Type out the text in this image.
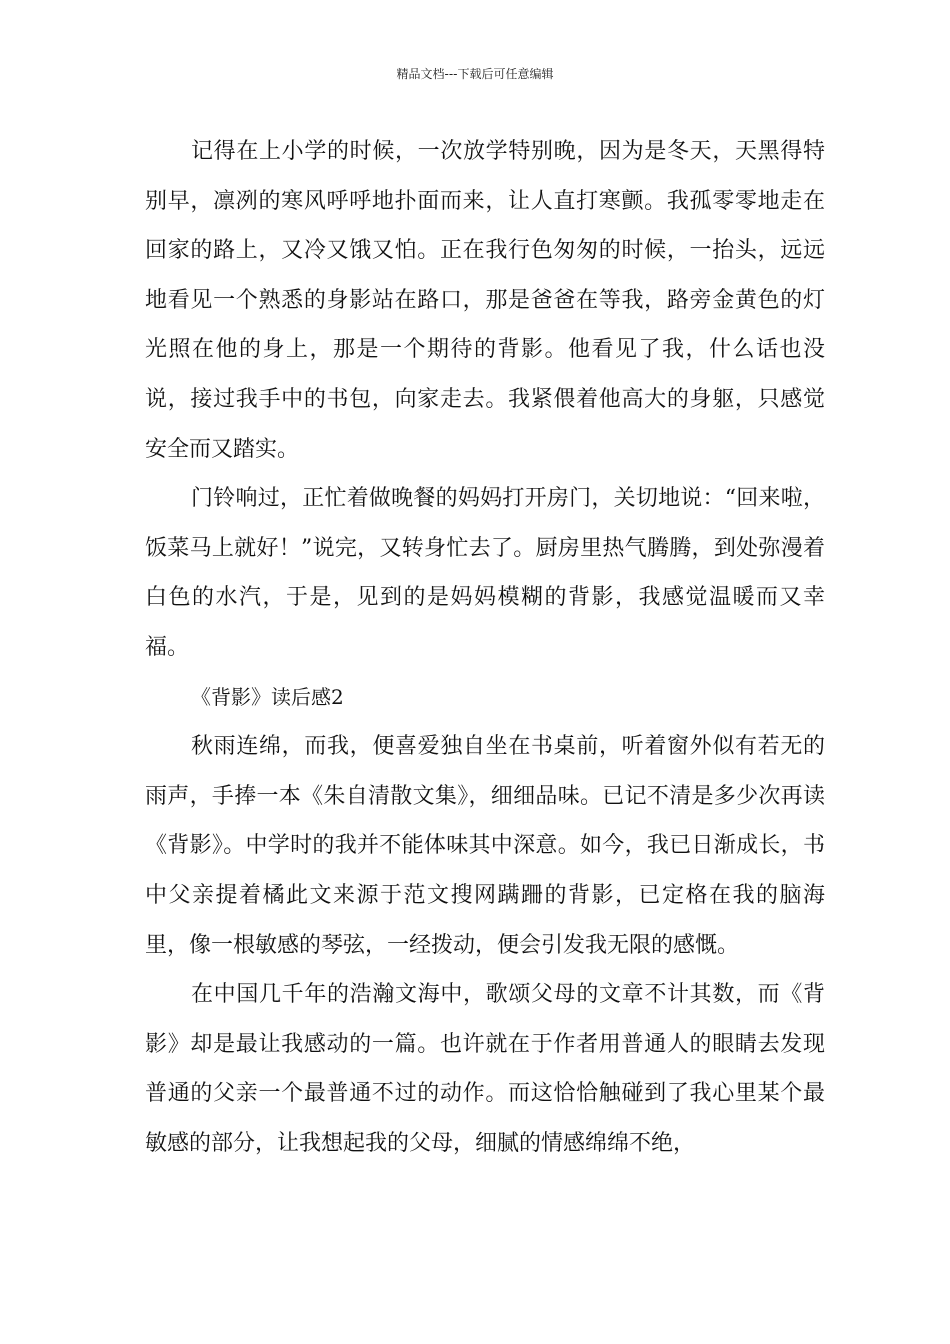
精品文档---下载后可任意编辑

记得在上小学的时候，一次放学特别晚，因为是冬天，天黑得特别早，凛冽的寒风呼呼地扑面而来，让人直打寒颤。我孤零零地走在回家的路上，又冷又饿又怕。正在我行色匆匆的时候，一抬头，远远地看见一个熟悉的身影站在路口，那是爸爸在等我，路旁金黄色的灯光照在他的身上，那是一个期待的背影。他看见了我，什么话也没说，接过我手中的书包，向家走去。我紧偎着他高大的身躯，只感觉安全而又踏实。

门铃响过，正忙着做晚餐的妈妈打开房门，关切地说：“回来啦，饭菜马上就好！”说完，又转身忙去了。厨房里热气腾腾，到处弥漫着白色的水汽，于是，见到的是妈妈模糊的背影，我感觉温暖而又幸福。

《背影》读后感2

秋雨连绵，而我，便喜爱独自坐在书桌前，听着窗外似有若无的雨声，手捧一本《朱自清散文集》，细细品味。已记不清是多少次再读《背影》。中学时的我并不能体味其中深意。如今，我已日渐成长，书中父亲提着橘此文来源于范文搜网蹒跚的背影，已定格在我的脑海里，像一根敏感的琴弦，一经拨动，便会引发我无限的感慨。

在中国几千年的浩瀚文海中，歌颂父母的文章不计其数，而《背影》却是最让我感动的一篇。也许就在于作者用普通人的眼睛去发现普通的父亲一个最普通不过的动作。而这恰恰触碰到了我心里某个最敏感的部分，让我想起我的父母，细腻的情感绵绵不绝，
